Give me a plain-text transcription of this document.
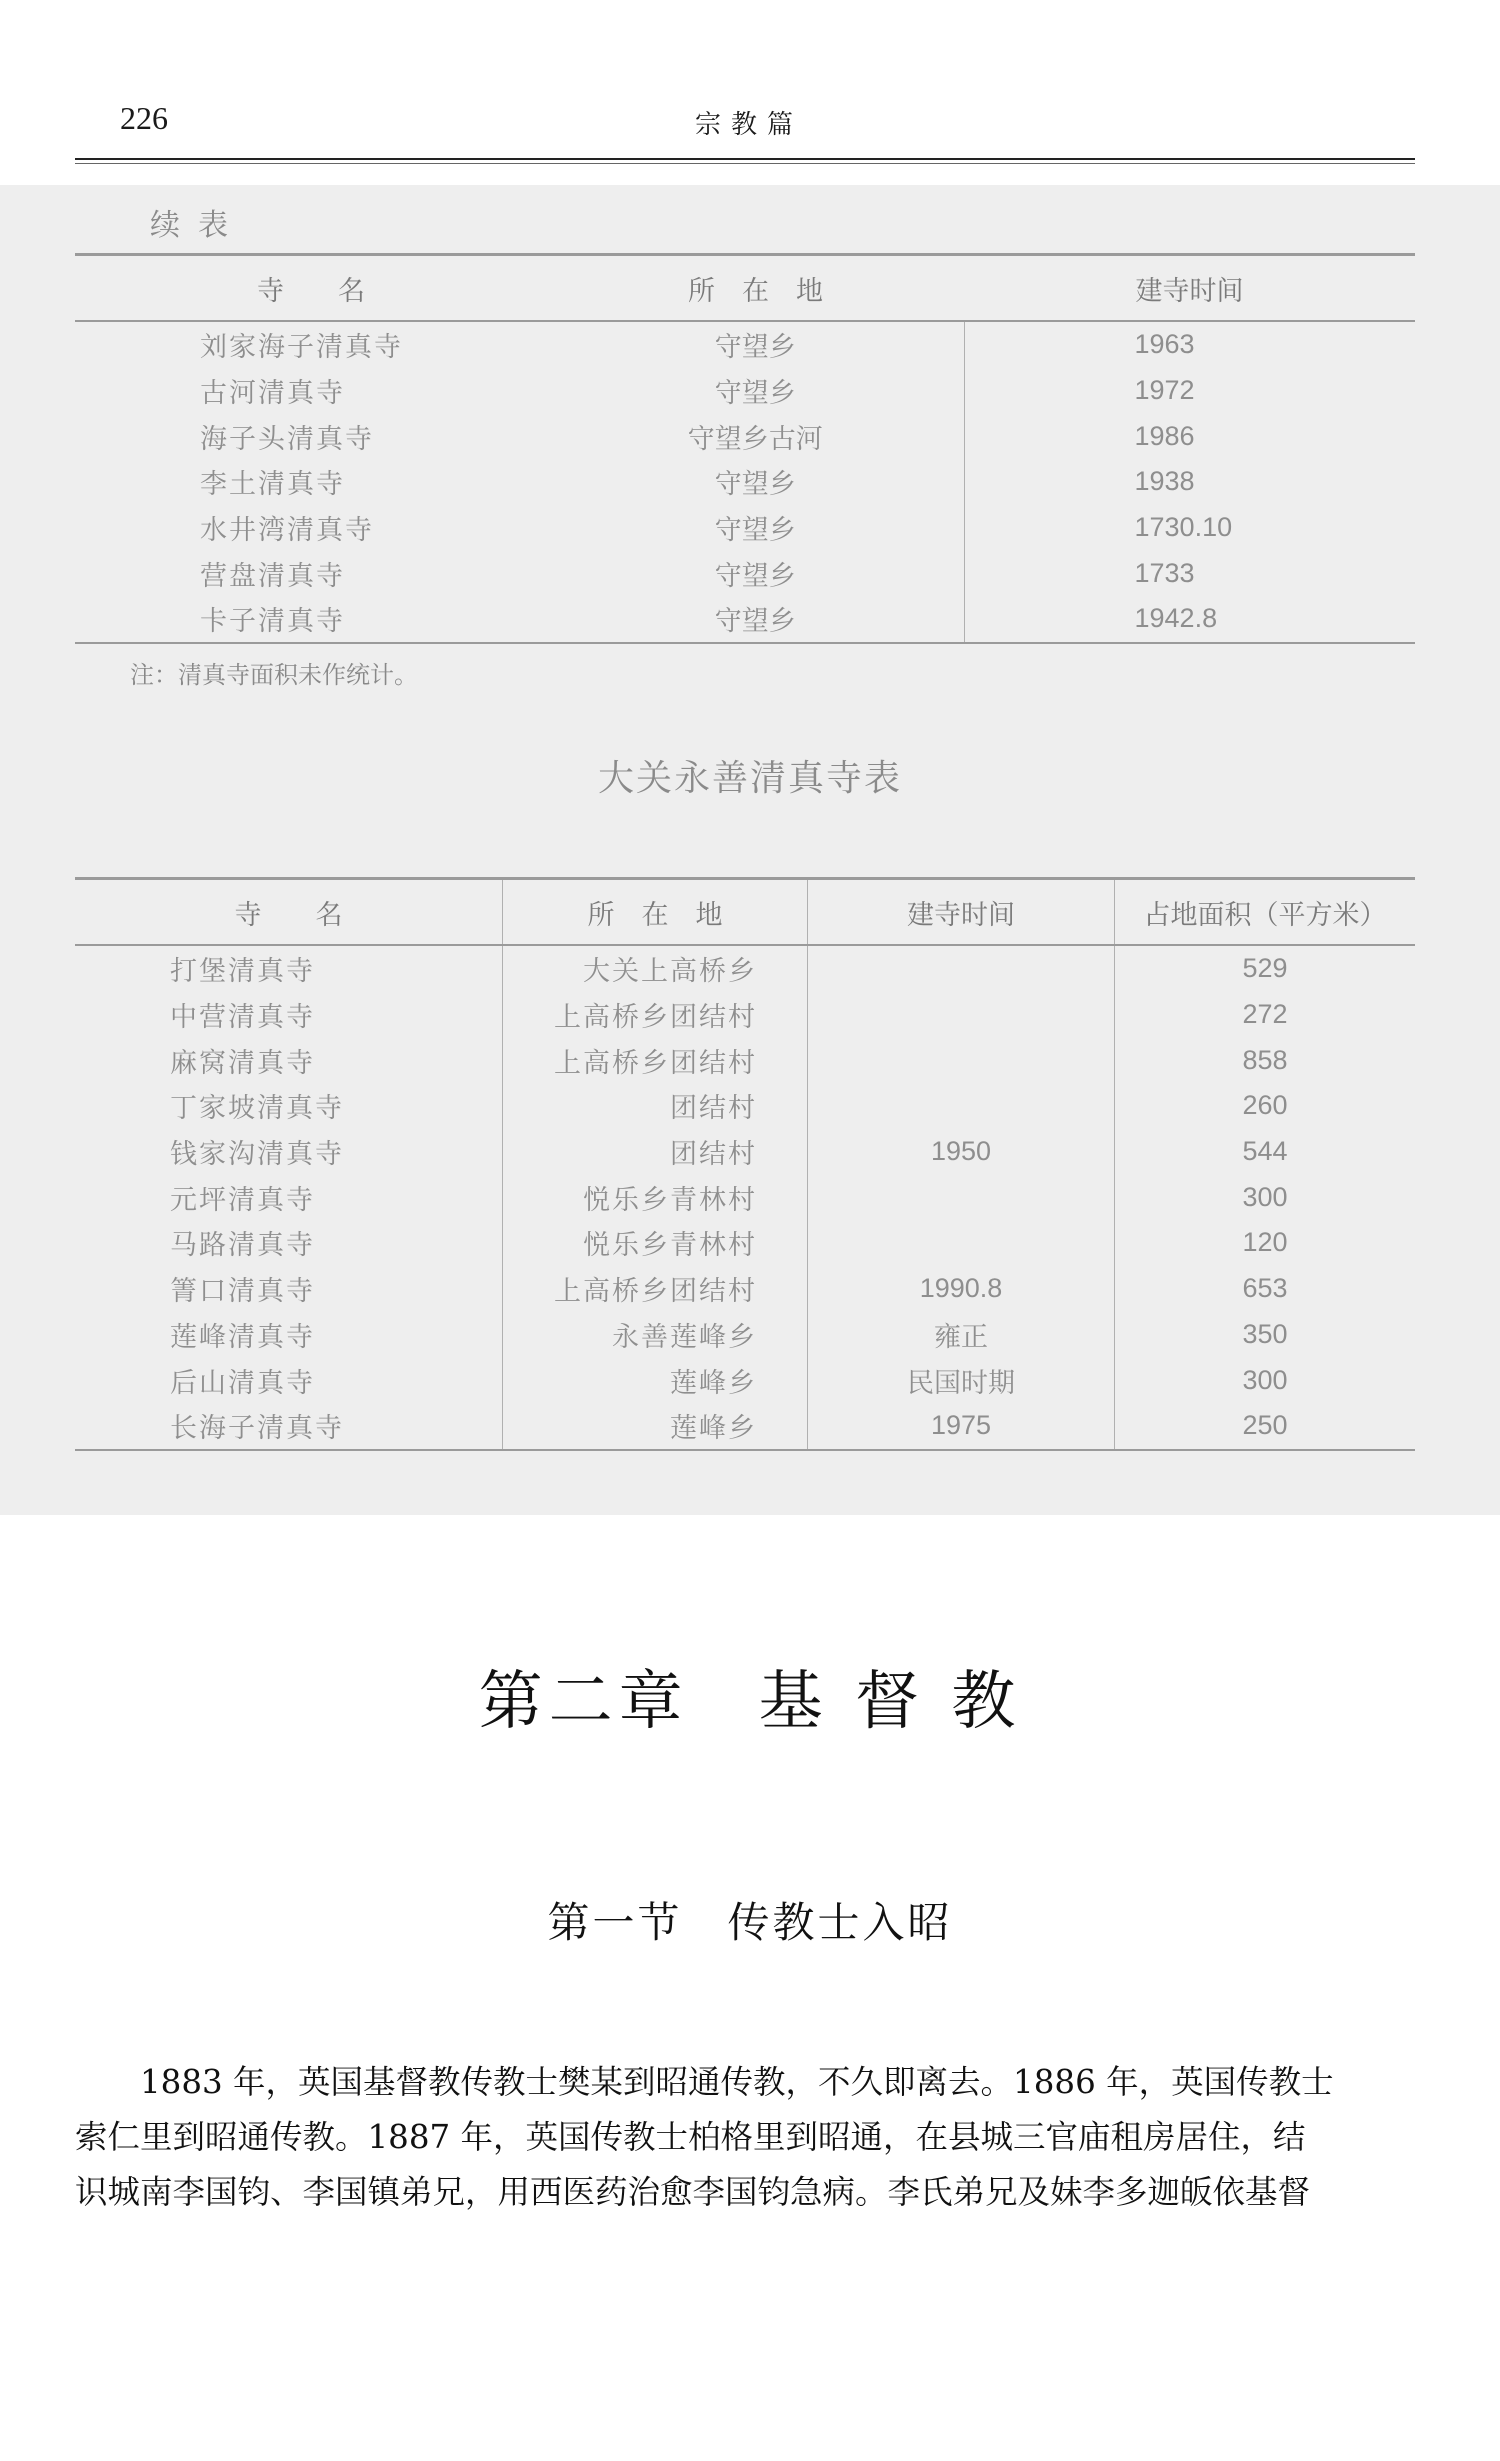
226	宗教篇
续表
寺　　名	所　在　地	建寺时间
刘家海子清真寺	守望乡	1963
古河清真寺	守望乡	1972
海子头清真寺	守望乡古河	1986
李土清真寺	守望乡	1938
水井湾清真寺	守望乡	1730.10
营盘清真寺	守望乡	1733
卡子清真寺	守望乡	1942.8
注：清真寺面积未作统计。
大关永善清真寺表
寺　　名	所　在　地	建寺时间	占地面积（平方米）
打堡清真寺	大关上高桥乡		529
中营清真寺	上高桥乡团结村		272
麻窝清真寺	上高桥乡团结村		858
丁家坡清真寺	团结村		260
钱家沟清真寺	团结村	1950	544
元坪清真寺	悦乐乡青林村		300
马路清真寺	悦乐乡青林村		120
箐口清真寺	上高桥乡团结村	1990.8	653
莲峰清真寺	永善莲峰乡	雍正	350
后山清真寺	莲峰乡	民国时期	300
长海子清真寺	莲峰乡	1975	250
第二章　基 督 教
第一节　传教士入昭
1883 年，英国基督教传教士樊某到昭通传教，不久即离去。1886 年，英国传教士
索仁里到昭通传教。1887 年，英国传教士柏格里到昭通，在县城三官庙租房居住，结
识城南李国钧、李国镇弟兄，用西医药治愈李国钧急病。李氏弟兄及妹李多迦皈依基督
